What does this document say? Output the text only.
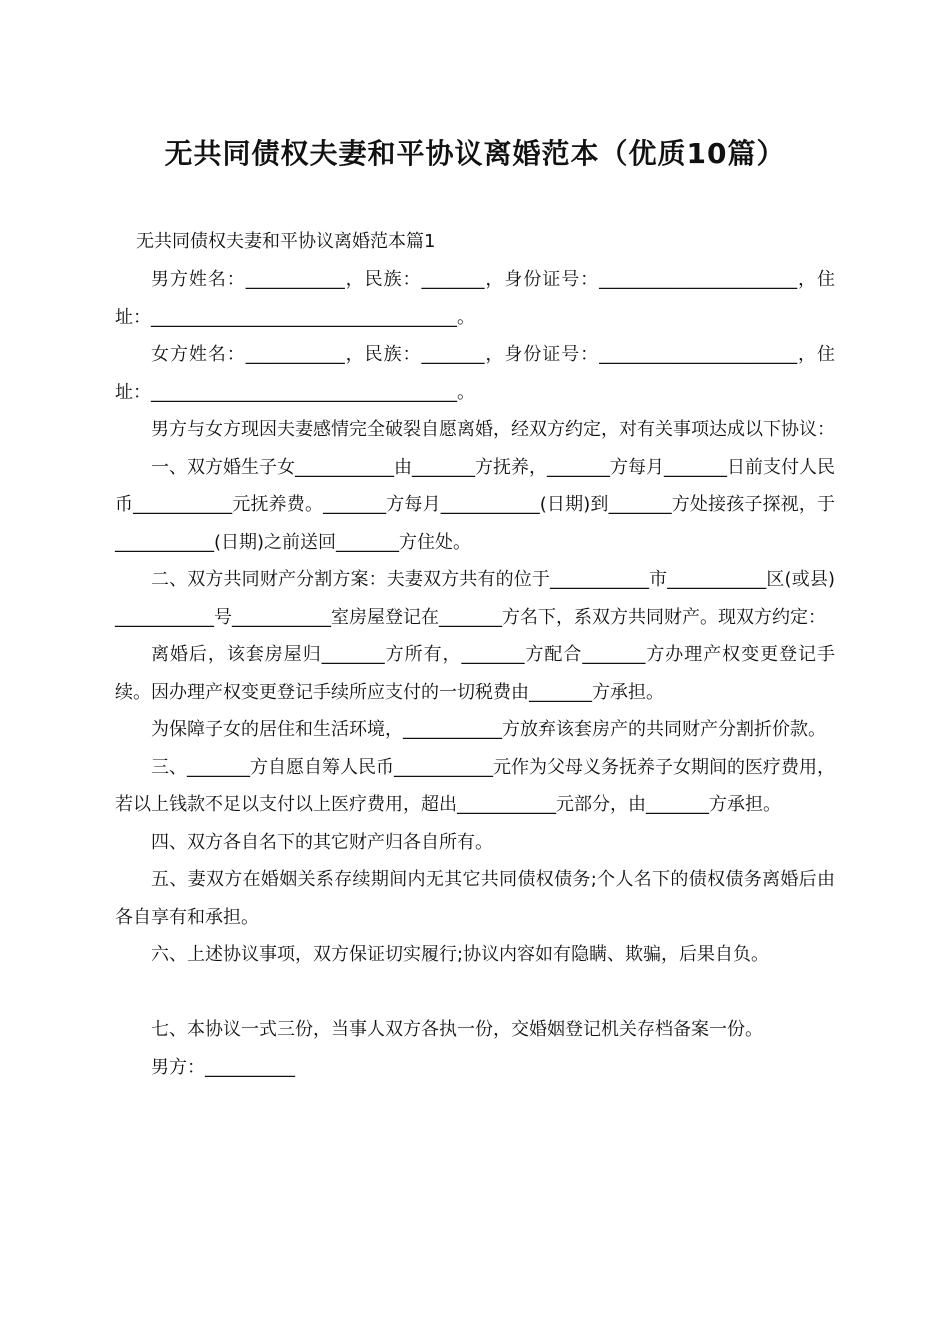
无共同债权夫妻和平协议离婚范本（优质10篇）
无共同债权夫妻和平协议离婚范本篇1

男方姓名：___________，民族：_______，身份证号：______________________，住址：__________________________________。

女方姓名：___________，民族：_______，身份证号：______________________，住址：__________________________________。

男方与女方现因夫妻感情完全破裂自愿离婚，经双方约定，对有关事项达成以下协议：

一、双方婚生子女___________由_______方抚养，_______方每月_______日前支付人民币___________元抚养费。_______方每月___________(日期)到_______方处接孩子探视，于___________(日期)之前送回_______方住处。

二、双方共同财产分割方案：夫妻双方共有的位于___________市___________区(或县)___________号___________室房屋登记在_______方名下，系双方共同财产。现双方约定：

离婚后，该套房屋归_______方所有，_______方配合_______方办理产权变更登记手续。因办理产权变更登记手续所应支付的一切税费由_______方承担。

为保障子女的居住和生活环境，___________方放弃该套房产的共同财产分割折价款。

三、_______方自愿自筹人民币___________元作为父母义务抚养子女期间的医疗费用，若以上钱款不足以支付以上医疗费用，超出___________元部分，由_______方承担。

四、双方各自名下的其它财产归各自所有。

五、妻双方在婚姻关系存续期间内无其它共同债权债务;个人名下的债权债务离婚后由各自享有和承担。

六、上述协议事项，双方保证切实履行;协议内容如有隐瞒、欺骗，后果自负。

七、本协议一式三份，当事人双方各执一份，交婚姻登记机关存档备案一份。

男方：__________
